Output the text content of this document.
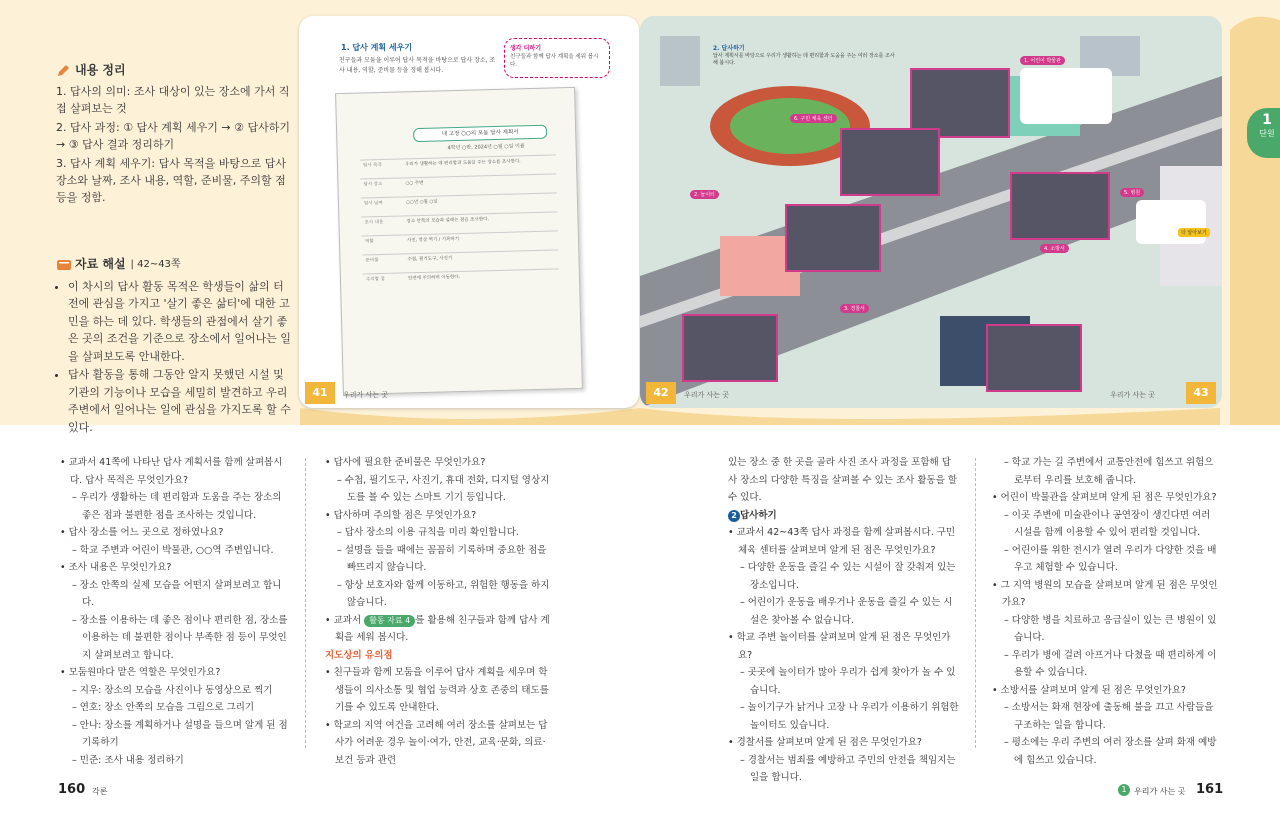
내용 정리
1. 답사의 의미: 조사 대상이 있는 장소에 가서 직접 살펴보는 것
2. 답사 과정: ① 답사 계획 세우기 → ② 답사하기 → ③ 답사 결과 정리하기
3. 답사 계획 세우기: 답사 목적을 바탕으로 답사 장소와 날짜, 조사 내용, 역할, 준비물, 주의할 점 등을 정함.
자료 해설 | 42~43쪽
• 이 차시의 답사 활동 목적은 학생들이 삶의 터전에 관심을 가지고 '살기 좋은 삶터'에 대한 고민을 하는 데 있다. 학생들의 관점에서 살기 좋은 곳의 조건을 기준으로 장소에서 일어나는 일을 살펴보도록 안내한다.
• 답사 활동을 통해 그동안 알지 못했던 시설 및 기관의 기능이나 모습을 세밀히 발견하고 우리 주변에서 일어나는 일에 관심을 가지도록 할 수 있다.
1. 답사 계획 세우기
친구들과 모둠을 이루어 답사 목적을 바탕으로 답사 장소, 조사 내용, 역할, 준비물 등을 정해 봅시다.
생각 더하기
친구들과 함께 답사 계획을 세워 봅시다.
내 고장 ○○의 모둠 답사 계획서
4학년 ○반, 2024년 ○월 ○일 이름
답사 목적	우리가 생활하는 데 편리함과 도움을 주는 장소를 조사한다.
답사 장소	○○ 주변
답사 날짜	○○년 ○월 ○일
조사 내용	장소 안쪽의 모습과 설레는 점을 조사한다.
역할	사진, 영상 찍기 / 기록하기
준비물	수첩, 필기도구, 사진기
주의할 점	안전에 주의하며 이동한다.
41	우리가 사는 곳
2. 답사하기
답사 계획서를 바탕으로 우리가 생활하는 데 편리함과 도움을 주는 여러 장소를 조사해 봅시다.	1. 어린이 박물관
6. 구민 체육 센터
2. 놀이터	5. 병원
3. 경찰서
4. 소방서
더 알아보기
42	우리가 사는 곳	43
우리가 사는 곳
1
단원

• 교과서 41쪽에 나타난 답사 계획서를 함께 살펴봅시다. 답사 목적은 무엇인가요?

– 우리가 생활하는 데 편리함과 도움을 주는 장소의 좋은 점과 불편한 점을 조사하는 것입니다.

• 답사 장소를 어느 곳으로 정하였나요?

– 학교 주변과 어린이 박물관, ○○역 주변입니다.

• 조사 내용은 무엇인가요?

– 장소 안쪽의 실제 모습을 어떤지 살펴보려고 합니다.

– 장소를 이용하는 데 좋은 점이나 편리한 점, 장소를 이용하는 데 불편한 점이나 부족한 점 등이 무엇인지 살펴보려고 합니다.

• 모둠원마다 맡은 역할은 무엇인가요?

– 지우: 장소의 모습을 사진이나 동영상으로 찍기

– 연호: 장소 안쪽의 모습을 그림으로 그리기

– 안나: 장소를 계획하거나 설명을 들으며 알게 된 점 기록하기

– 민준: 조사 내용 정리하기

• 답사에 필요한 준비물은 무엇인가요?

– 수첩, 필기도구, 사진기, 휴대 전화, 디지털 영상지도를 볼 수 있는 스마트 기기 등입니다.

• 답사하며 주의할 점은 무엇인가요?

– 답사 장소의 이용 규칙을 미리 확인합니다.

– 설명을 들을 때에는 꼼꼼히 기록하며 중요한 점을 빠뜨리지 않습니다.

– 항상 보호자와 함께 이동하고, 위험한 행동을 하지 않습니다.

• 교과서 활동 자료 4 를 활용해 친구들과 함께 답사 계획을 세워 봅시다.

지도상의 유의점

• 친구들과 함께 모둠을 이루어 답사 계획을 세우며 학생들이 의사소통 및 협업 능력과 상호 존중의 태도를 기를 수 있도록 안내한다.

• 학교의 지역 여건을 고려해 여러 장소를 살펴보는 답사가 어려운 경우 놀이·여가, 안전, 교육·문화, 의료·보건 등과 관련

있는 장소 중 한 곳을 골라 사진 조사 과정을 포함해 답사 장소의 다양한 특징을 살펴볼 수 있는 조사 활동을 할 수 있다.

2 답사하기

• 교과서 42~43쪽 답사 과정을 함께 살펴봅시다. 구민 체육 센터를 살펴보며 알게 된 점은 무엇인가요?

– 다양한 운동을 즐길 수 있는 시설이 잘 갖춰져 있는 장소입니다.

– 어린이가 운동을 배우거나 운동을 즐길 수 있는 시설은 찾아볼 수 없습니다.

• 학교 주변 놀이터를 살펴보며 알게 된 점은 무엇인가요?

– 곳곳에 놀이터가 많아 우리가 쉽게 찾아가 놀 수 있습니다.

– 놀이기구가 낡거나 고장 나 우리가 이용하기 위험한 놀이터도 있습니다.

• 경찰서를 살펴보며 알게 된 점은 무엇인가요?

– 경찰서는 범죄를 예방하고 주민의 안전을 책임지는 일을 합니다.

– 학교 가는 길 주변에서 교통안전에 힘쓰고 위험으로부터 우리를 보호해 줍니다.

• 어린이 박물관을 살펴보며 알게 된 점은 무엇인가요?

– 이곳 주변에 미술관이나 공연장이 생긴다면 여러 시설을 함께 이용할 수 있어 편리할 것입니다.

– 어린이를 위한 전시가 열려 우리가 다양한 것을 배우고 체험할 수 있습니다.

• 그 지역 병원의 모습을 살펴보며 알게 된 점은 무엇인가요?

– 다양한 병을 치료하고 응급실이 있는 큰 병원이 있습니다.

– 우리가 병에 걸려 아프거나 다쳤을 때 편리하게 이용할 수 있습니다.

• 소방서를 살펴보며 알게 된 점은 무엇인가요?

– 소방서는 화재 현장에 출동해 불을 끄고 사람들을 구조하는 일을 합니다.

– 평소에는 우리 주변의 여러 장소를 살펴 화재 예방에 힘쓰고 있습니다.

160 각론	1 우리가 사는 곳 161
